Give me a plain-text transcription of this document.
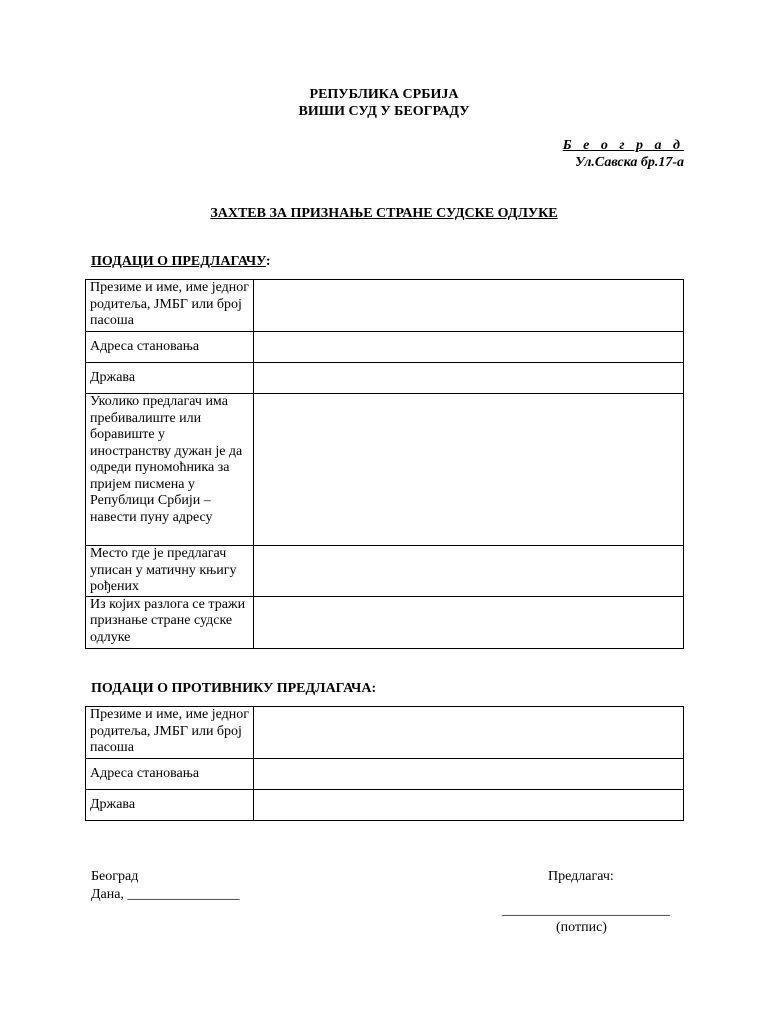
РЕПУБЛИКА СРБИЈА
ВИШИ СУД У БЕОГРАДУ
Б е о г р а д
Ул.Савска бр.17-а
ЗАХТЕВ ЗА ПРИЗНАЊЕ СТРАНЕ СУДСКЕ ОДЛУКЕ
ПОДАЦИ О ПРЕДЛАГАЧУ:
Презиме и име, име једног родитеља, ЈМБГ или број пасоша	
Адреса становања	
Држава	
Уколико предлагач има пребивалиште или боравиште у иностранству дужан је да одреди пуномоћника за пријем писмена у Републици Србији – навести пуну адресу	
Место где је предлагач уписан у матичну књигу рођених	
Из којих разлога се тражи признање стране судске одлуке	
ПОДАЦИ О ПРОТИВНИКУ ПРЕДЛАГАЧА:
Презиме и име, име једног родитеља, ЈМБГ или број пасоша	
Адреса становања	
Држава	
Београд
Дана, ________________
Предлагач:
________________________
(потпис)
